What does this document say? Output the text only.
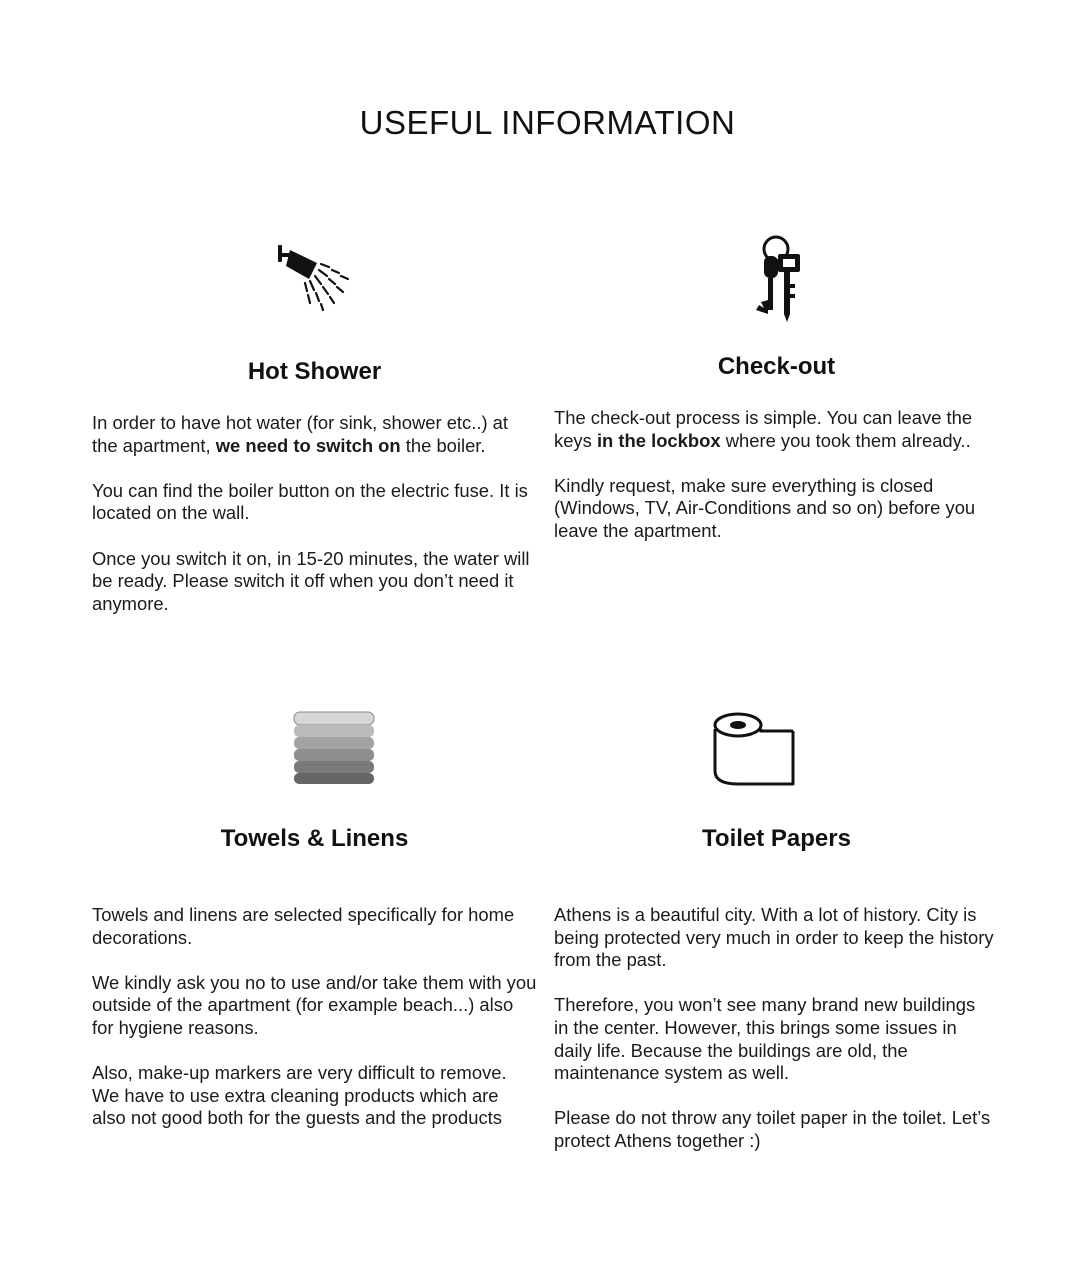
USEFUL INFORMATION
Hot Shower	Check-out
Towels & Linens	Toilet Papers

In order to have hot water (for sink, shower etc..) at the apartment, we need to switch on the boiler.

You can find the boiler button on the electric fuse. It is located on the wall.

Once you switch it on, in 15-20 minutes, the water will be ready. Please switch it off when you don’t need it anymore.

The check-out process is simple. You can leave the keys in the lockbox where you took them already..

Kindly request, make sure everything is closed (Windows, TV, Air-Conditions and so on) before you leave the apartment.

Towels and linens are selected specifically for home decorations.

We kindly ask you no to use and/or take them with you outside of the apartment (for example beach...) also for hygiene reasons.

Also, make-up markers are very difficult to remove. We have to use extra cleaning products which are also not good both for the guests and the products

Athens is a beautiful city. With a lot of history. City is being protected very much in order to keep the history from the past.

Therefore, you won’t see many brand new buildings in the center. However, this brings some issues in daily life. Because the buildings are old, the maintenance system as well.

Please do not throw any toilet paper in the toilet. Let’s protect Athens together :)
